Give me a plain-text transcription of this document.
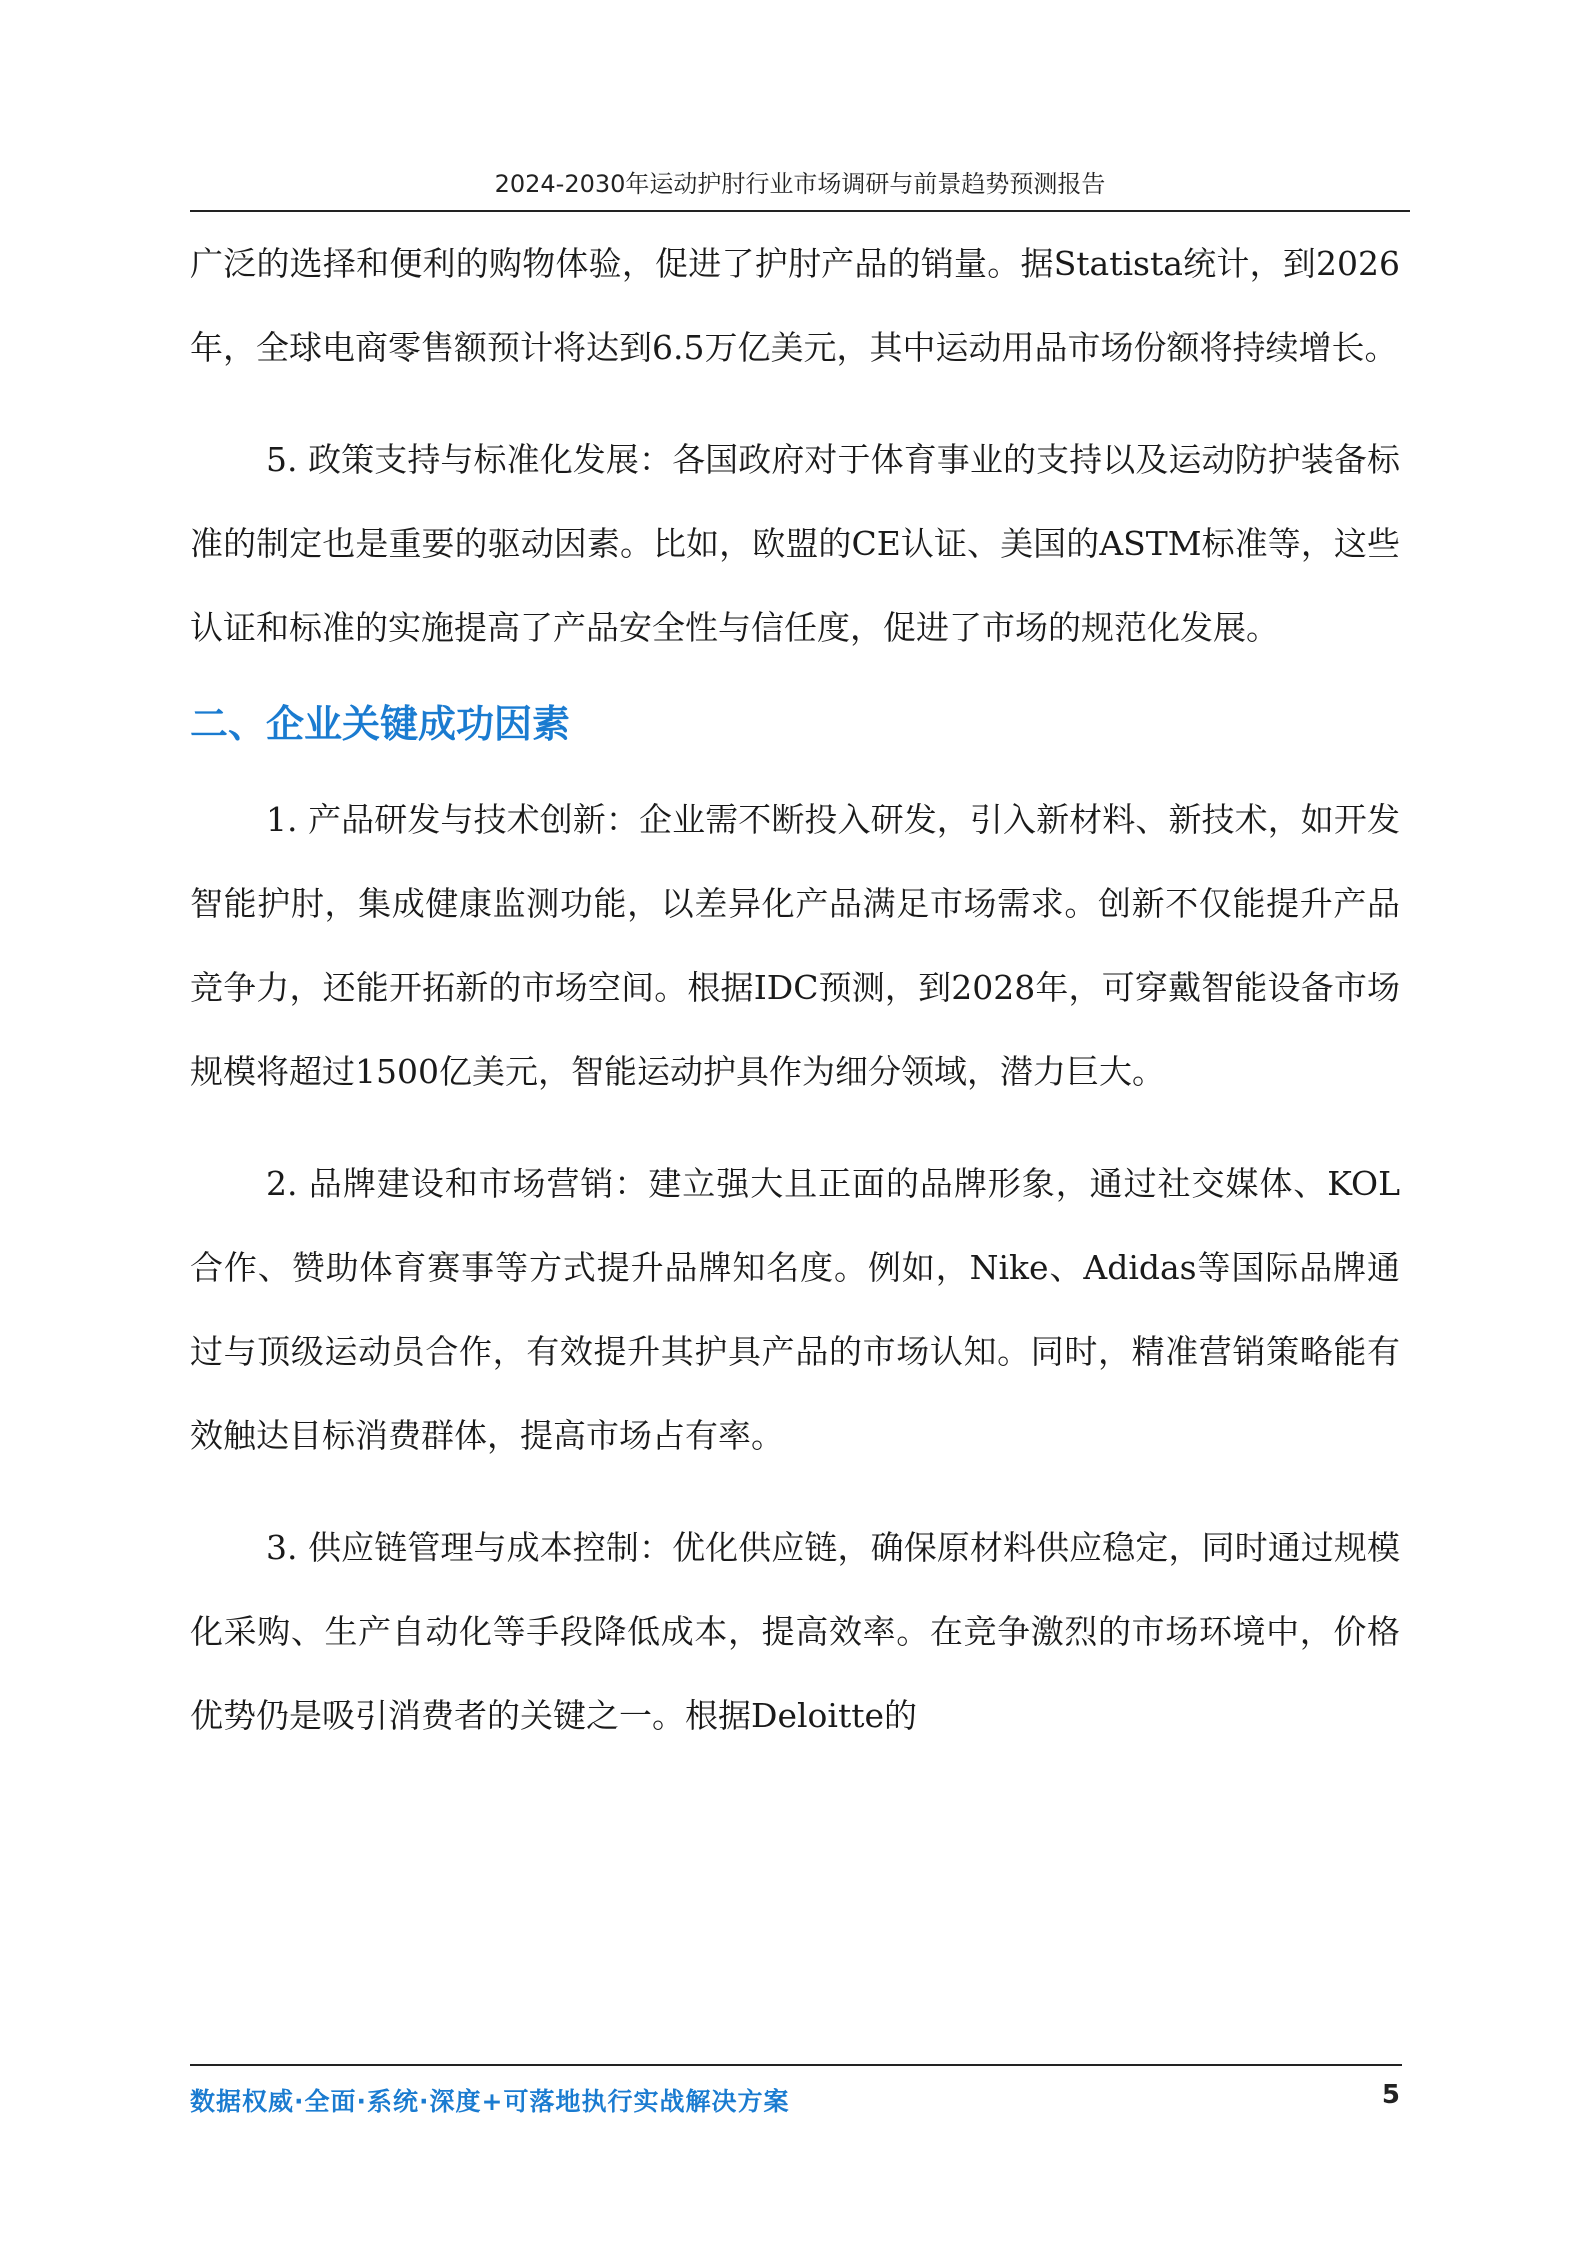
2024-2030年运动护肘行业市场调研与前景趋势预测报告

广泛的选择和便利的购物体验，促进了护肘产品的销量。据Statista统计，到2026年，全球电商零售额预计将达到6.5万亿美元，其中运动用品市场份额将持续增长。

5. 政策支持与标准化发展：各国政府对于体育事业的支持以及运动防护装备标准的制定也是重要的驱动因素。比如，欧盟的CE认证、美国的ASTM标准等，这些认证和标准的实施提高了产品安全性与信任度，促进了市场的规范化发展。

二、企业关键成功因素

1. 产品研发与技术创新：企业需不断投入研发，引入新材料、新技术，如开发智能护肘，集成健康监测功能，以差异化产品满足市场需求。创新不仅能提升产品竞争力，还能开拓新的市场空间。根据IDC预测，到2028年，可穿戴智能设备市场规模将超过1500亿美元，智能运动护具作为细分领域，潜力巨大。

2. 品牌建设和市场营销：建立强大且正面的品牌形象，通过社交媒体、KOL合作、赞助体育赛事等方式提升品牌知名度。例如，Nike、Adidas等国际品牌通过与顶级运动员合作，有效提升其护具产品的市场认知。同时，精准营销策略能有效触达目标消费群体，提高市场占有率。

3. 供应链管理与成本控制：优化供应链，确保原材料供应稳定，同时通过规模化采购、生产自动化等手段降低成本，提高效率。在竞争激烈的市场环境中，价格优势仍是吸引消费者的关键之一。根据Deloitte的

数据权威·全面·系统·深度+可落地执行实战解决方案	5
